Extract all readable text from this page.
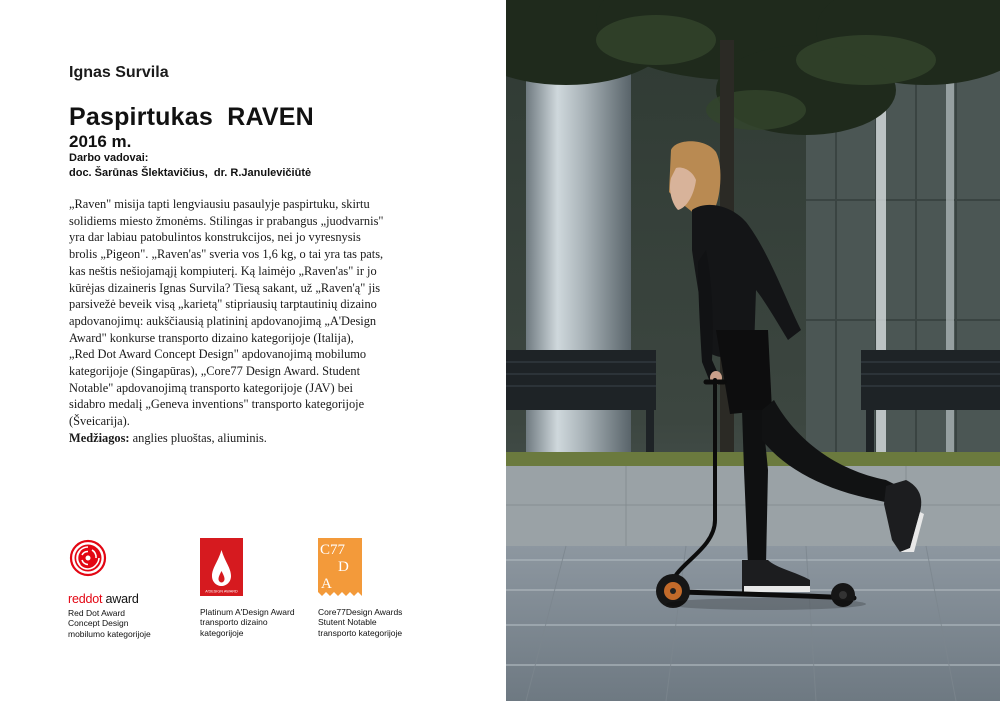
Ignas Survila
Paspirtukas  RAVEN
2016 m.
Darbo vadovai:
doc. Šarūnas Šlektavičius,  dr. R.Janulevičiūtė
„Raven" misija tapti lengviausiu pasaulyje paspirtuku, skirtu
solidiems miesto žmonėms. Stilingas ir prabangus „juodvarnis"
yra dar labiau patobulintos konstrukcijos, nei jo vyresnysis
brolis „Pigeon". „Raven'as" sveria vos 1,6 kg, o tai yra tas pats,
kas neštis nešiojamąjį kompiuterį. Ką laimėjo „Raven'as" ir jo
kūrėjas dizaineris Ignas Survila? Tiesą sakant, už „Raven'ą" jis
parsivežė beveik visą „karietą" stipriausių tarptautinių dizaino
apdovanojimų: aukščiausią platininį apdovanojimą „A'Design
Award" konkurse transporto dizaino kategorijoje (Italija),
„Red Dot Award Concept Design" apdovanojimą mobilumo
kategorijoje (Singapūras), „Core77 Design Award. Student
Notable" apdovanojimą transporto kategorijoje (JAV) bei
sidabro medalį „Geneva inventions" transporto kategorijoje
(Šveicarija).
Medžiagos: anglies pluoštas, aliuminis.
reddot award
Red Dot Award
Concept Design
mobilumo kategorijoje
A'DESIGN AWARD
Platinum A'Design Award
transporto dizaino
kategorijoje
C77
D
A
Core77Design Awards
Stutent Notable
transporto kategorijoje
